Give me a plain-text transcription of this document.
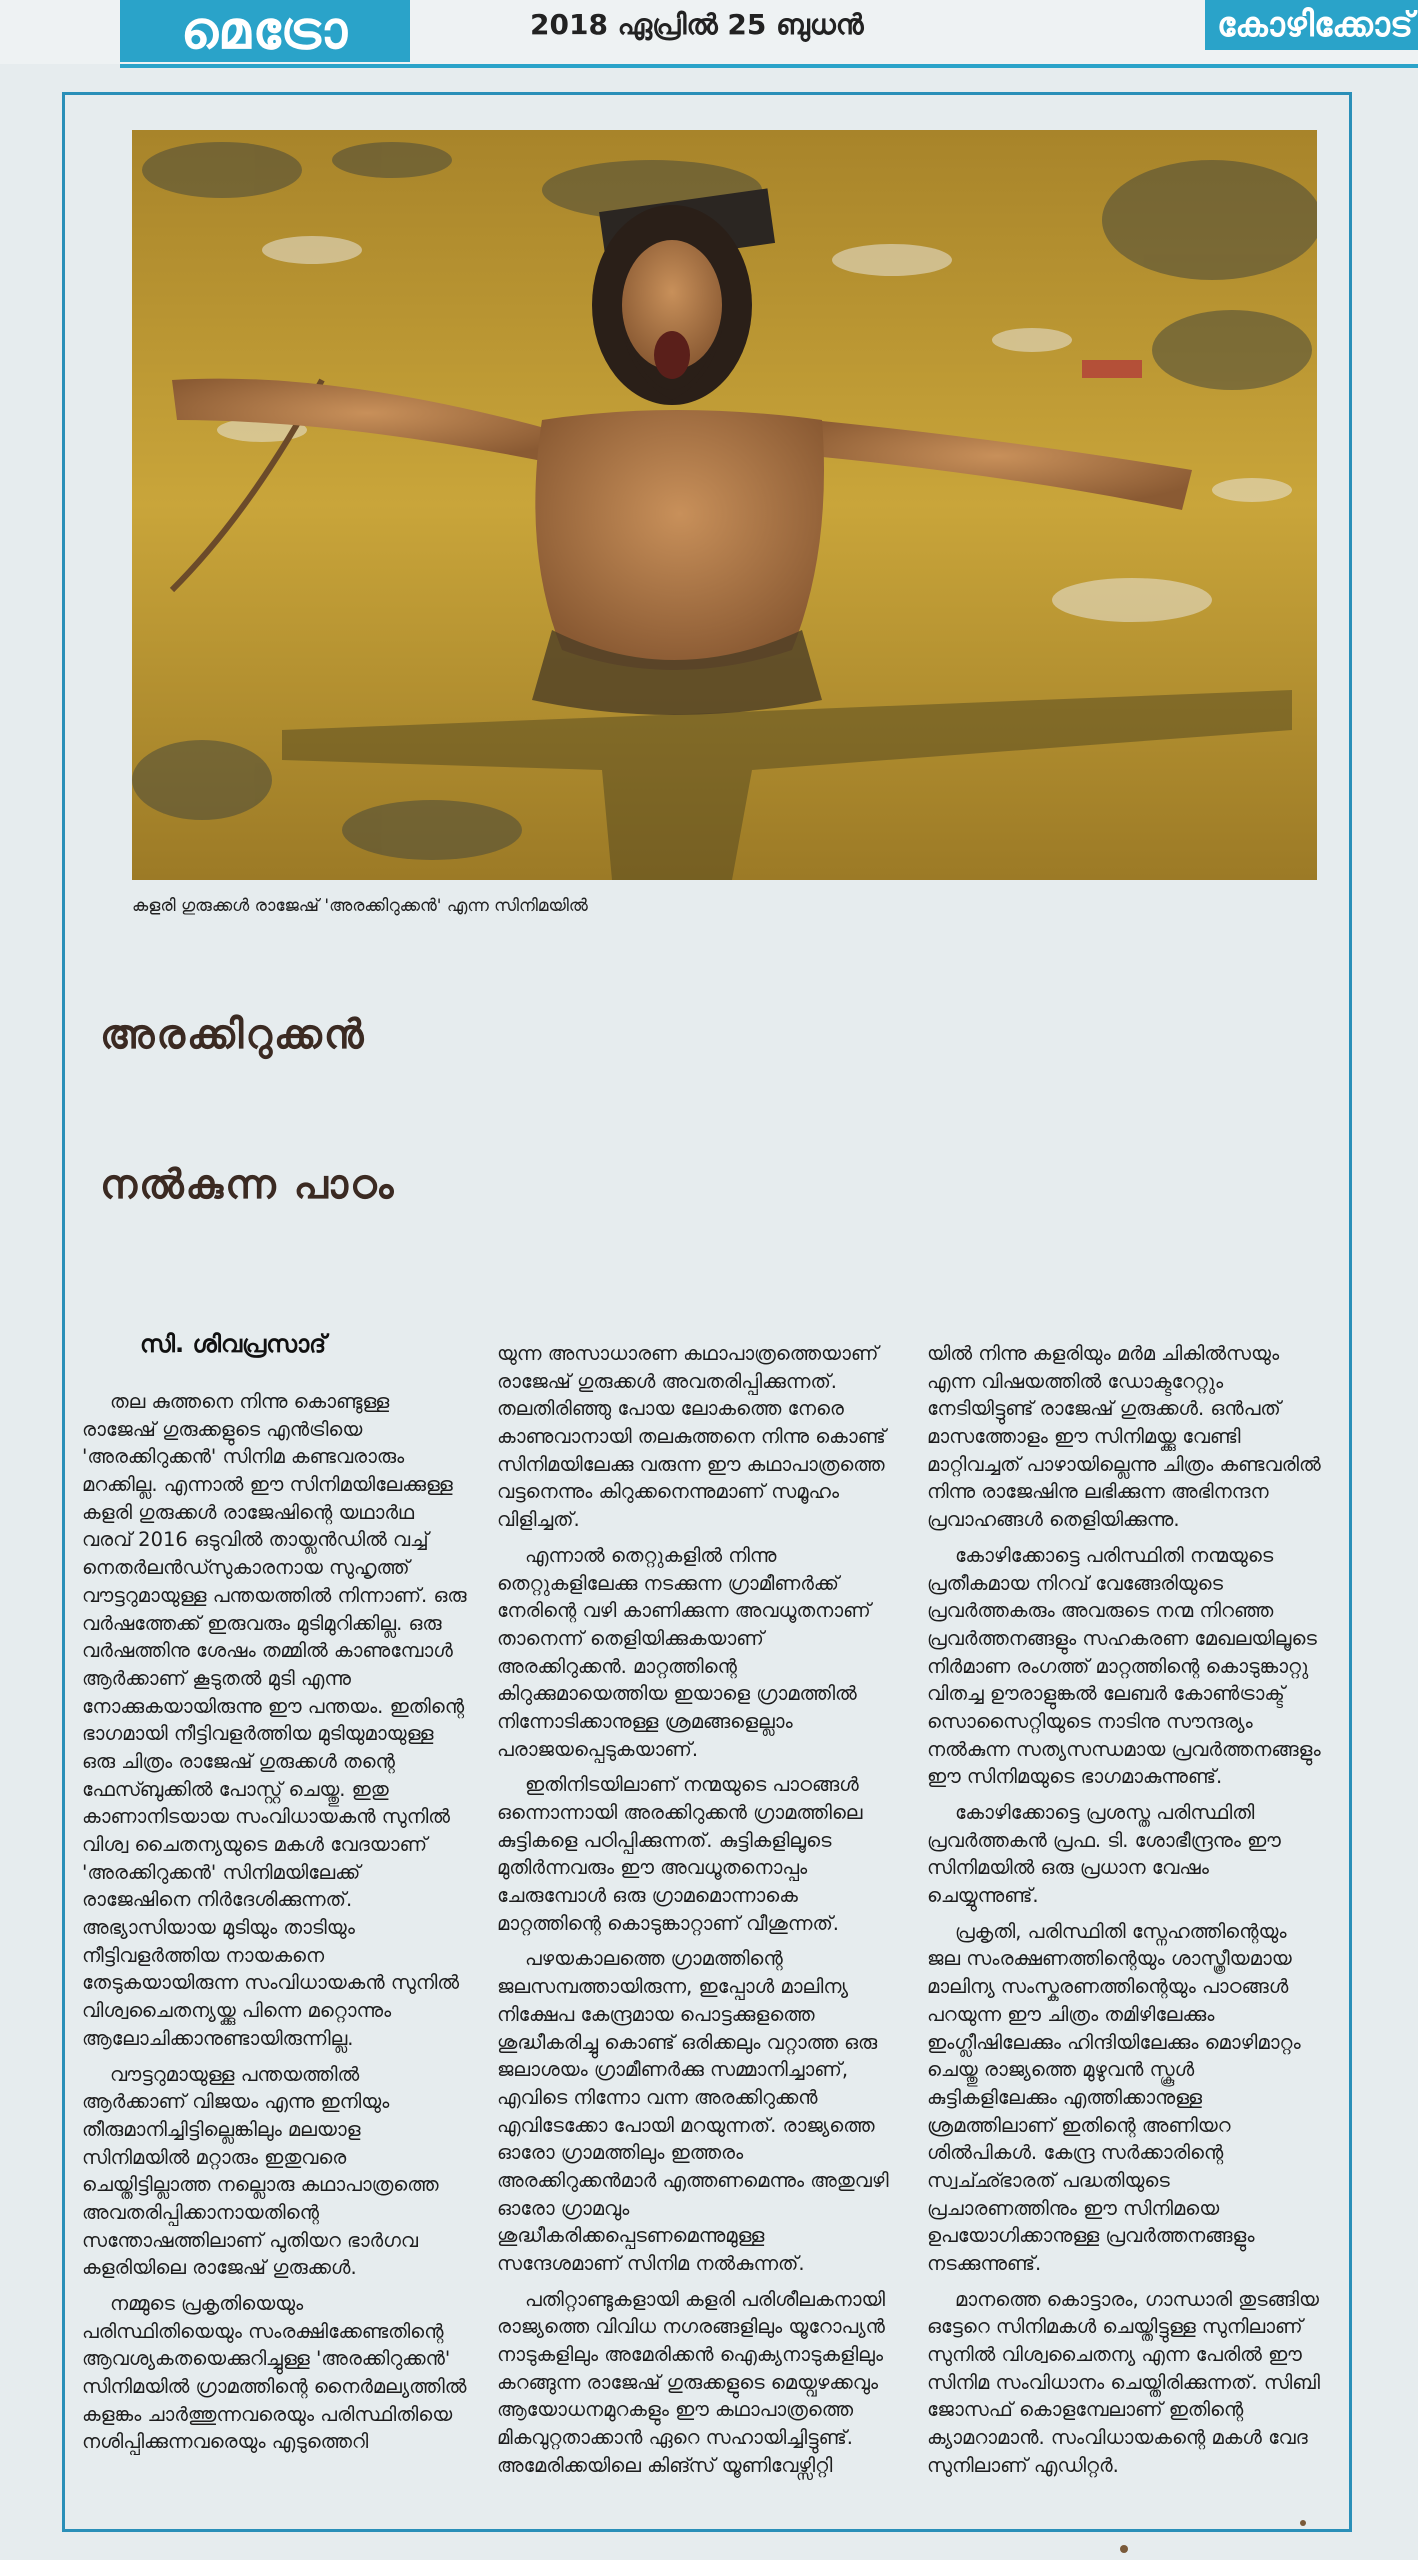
മെട്രോ	2018 ഏപ്രിൽ 25 ബുധൻ	കോഴിക്കോട്
കളരി ഗുരുക്കൾ രാജേഷ് 'അരക്കിറുക്കൻ' എന്ന സിനിമയിൽ
അരക്കിറുക്കൻ
നൽകുന്ന പാഠം
സി. ശിവപ്രസാദ്

തല കുത്തനെ നിന്നു കൊണ്ടുള്ള രാജേഷ് ഗുരുക്കളുടെ എൻട്രിയെ 'അരക്കിറുക്കൻ' സിനിമ കണ്ടവരാരും മറക്കില്ല. എന്നാൽ ഈ സിനിമയിലേക്കുള്ള കളരി ഗുരുക്കൾ രാജേഷിന്റെ യഥാർഥ വരവ് 2016 ഒടുവിൽ തായ്ലൻഡിൽ വച്ച് നെതർലൻഡ്സുകാരനായ സുഹൃത്ത് വൗട്ടറുമായുള്ള പന്തയത്തിൽ നിന്നാണ്. ഒരു വർഷത്തേക്ക് ഇരുവരും മുടിമുറിക്കില്ല. ഒരു വർഷത്തിനു ശേഷം തമ്മിൽ കാണുമ്പോൾ ആർക്കാണ് കൂടുതൽ മുടി എന്നു നോക്കുകയായിരുന്നു ഈ പന്തയം. ഇതിന്റെ ഭാഗമായി നീട്ടിവളർത്തിയ മുടിയുമായുള്ള ഒരു ചിത്രം രാജേഷ് ഗുരുക്കൾ തന്റെ ഫേസ്ബുക്കിൽ പോസ്റ്റ് ചെയ്തു. ഇതു കാണാനിടയായ സംവിധായകൻ സുനിൽ വിശ്വ ചൈതന്യയുടെ മകൾ വേദയാണ് 'അരക്കിറുക്കൻ' സിനിമയിലേക്ക് രാജേഷിനെ നിർദേശിക്കുന്നത്. അഭ്യാസിയായ മുടിയും താടിയും നീട്ടിവളർത്തിയ നായകനെ തേടുകയായിരുന്ന സംവിധായകൻ സുനിൽ വിശ്വചൈതന്യയ്ക്കു പിന്നെ മറ്റൊന്നും ആലോചിക്കാനുണ്ടായിരുന്നില്ല.

വൗട്ടറുമായുള്ള പന്തയത്തിൽ ആർക്കാണ് വിജയം എന്നു ഇനിയും തീരുമാനിച്ചിട്ടില്ലെങ്കിലും മലയാള സിനിമയിൽ മറ്റാരും ഇതുവരെ ചെയ്തിട്ടില്ലാത്ത നല്ലൊരു കഥാപാത്രത്തെ അവതരിപ്പിക്കാനായതിന്റെ സന്തോഷത്തിലാണ് പുതിയറ ഭാർഗവ കളരിയിലെ രാജേഷ് ഗുരുക്കൾ.

നമ്മുടെ പ്രകൃതിയെയും പരിസ്ഥിതിയെയും സംരക്ഷിക്കേണ്ടതിന്റെ ആവശ്യകതയെക്കുറിച്ചുള്ള 'അരക്കിറുക്കൻ' സിനിമയിൽ ഗ്രാമത്തിന്റെ നൈർമല്യത്തിൽ കളങ്കം ചാർത്തുന്നവരെയും പരിസ്ഥിതിയെ നശിപ്പിക്കുന്നവരെയും എടുത്തെറി

യുന്ന അസാധാരണ കഥാപാത്രത്തെയാണ് രാജേഷ് ഗുരുക്കൾ അവതരിപ്പിക്കുന്നത്. തലതിരിഞ്ഞു പോയ ലോകത്തെ നേരെ കാണുവാനായി തലകുത്തനെ നിന്നു കൊണ്ട് സിനിമയിലേക്കു വരുന്ന ഈ കഥാപാത്രത്തെ വട്ടനെന്നും കിറുക്കനെന്നുമാണ് സമൂഹം വിളിച്ചത്.

എന്നാൽ തെറ്റുകളിൽ നിന്നു തെറ്റുകളിലേക്കു നടക്കുന്ന ഗ്രാമീണർക്ക് നേരിന്റെ വഴി കാണിക്കുന്ന അവധൂതനാണ് താനെന്ന് തെളിയിക്കുകയാണ് അരക്കിറുക്കൻ. മാറ്റത്തിന്റെ കിറുക്കുമായെത്തിയ ഇയാളെ ഗ്രാമത്തിൽ നിന്നോടിക്കാനുള്ള ശ്രമങ്ങളെല്ലാം പരാജയപ്പെടുകയാണ്.

ഇതിനിടയിലാണ് നന്മയുടെ പാഠങ്ങൾ ഒന്നൊന്നായി അരക്കിറുക്കൻ ഗ്രാമത്തിലെ കുട്ടികളെ പഠിപ്പിക്കുന്നത്. കുട്ടികളിലൂടെ മുതിർന്നവരും ഈ അവധൂതനൊപ്പം ചേരുമ്പോൾ ഒരു ഗ്രാമമൊന്നാകെ മാറ്റത്തിന്റെ കൊടുങ്കാറ്റാണ് വീശുന്നത്.

പഴയകാലത്തെ ഗ്രാമത്തിന്റെ ജലസമ്പത്തായിരുന്ന, ഇപ്പോൾ മാലിന്യ നിക്ഷേപ കേന്ദ്രമായ പൊട്ടക്കുളത്തെ ശുദ്ധീകരിച്ചു കൊണ്ട് ഒരിക്കലും വറ്റാത്ത ഒരു ജലാശയം ഗ്രാമീണർക്കു സമ്മാനിച്ചാണ്, എവിടെ നിന്നോ വന്ന അരക്കിറുക്കൻ എവിടേക്കോ പോയി മറയുന്നത്. രാജ്യത്തെ ഓരോ ഗ്രാമത്തിലും ഇത്തരം അരക്കിറുക്കൻമാർ എത്തണമെന്നും അതുവഴി ഓരോ ഗ്രാമവും ശുദ്ധീകരിക്കപ്പെടണമെന്നുമുള്ള സന്ദേശമാണ് സിനിമ നൽകുന്നത്.

പതിറ്റാണ്ടുകളായി കളരി പരിശീലകനായി രാജ്യത്തെ വിവിധ നഗരങ്ങളിലും യൂറോപ്യൻ നാടുകളിലും അമേരിക്കൻ ഐക്യനാടുകളിലും കറങ്ങുന്ന രാജേഷ് ഗുരുക്കളുടെ മെയ്വഴക്കവും ആയോധനമുറകളും ഈ കഥാപാത്രത്തെ മികവുറ്റതാക്കാൻ ഏറെ സഹായിച്ചിട്ടുണ്ട്. അമേരിക്കയിലെ കിങ്സ് യൂണിവേഴ്സിറ്റി

യിൽ നിന്നു കളരിയും മർമ ചികിൽസയും എന്ന വിഷയത്തിൽ ഡോക്ടറേറ്റും നേടിയിട്ടുണ്ട് രാജേഷ് ഗുരുക്കൾ. ഒൻപത് മാസത്തോളം ഈ സിനിമയ്ക്കു വേണ്ടി മാറ്റിവച്ചത് പാഴായില്ലെന്നു ചിത്രം കണ്ടവരിൽ നിന്നു രാജേഷിനു ലഭിക്കുന്ന അഭിനന്ദന പ്രവാഹങ്ങൾ തെളിയിക്കുന്നു.

കോഴിക്കോട്ടെ പരിസ്ഥിതി നന്മയുടെ പ്രതീകമായ നിറവ് വേങ്ങേരിയുടെ പ്രവർത്തകരും അവരുടെ നന്മ നിറഞ്ഞ പ്രവർത്തനങ്ങളും സഹകരണ മേഖലയിലൂടെ നിർമാണ രംഗത്ത് മാറ്റത്തിന്റെ കൊടുങ്കാറ്റു വിതച്ച ഊരാളുങ്കൽ ലേബർ കോൺട്രാക്ട് സൊസൈറ്റിയുടെ നാടിനു സൗന്ദര്യം നൽകുന്ന സത്യസന്ധമായ പ്രവർത്തനങ്ങളും ഈ സിനിമയുടെ ഭാഗമാകുന്നുണ്ട്.

കോഴിക്കോട്ടെ പ്രശസ്ത പരിസ്ഥിതി പ്രവർത്തകൻ പ്രഫ. ടി. ശോഭീന്ദ്രനും ഈ സിനിമയിൽ ഒരു പ്രധാന വേഷം ചെയ്യുന്നുണ്ട്.

പ്രകൃതി, പരിസ്ഥിതി സ്നേഹത്തിന്റെയും ജല സംരക്ഷണത്തിന്റെയും ശാസ്ത്രീയമായ മാലിന്യ സംസ്കരണത്തിന്റെയും പാഠങ്ങൾ പറയുന്ന ഈ ചിത്രം തമിഴിലേക്കും ഇംഗ്ലീഷിലേക്കും ഹിന്ദിയിലേക്കും മൊഴിമാറ്റം ചെയ്തു രാജ്യത്തെ മുഴുവൻ സ്കൂൾ കുട്ടികളിലേക്കും എത്തിക്കാനുള്ള ശ്രമത്തിലാണ് ഇതിന്റെ അണിയറ ശിൽപികൾ. കേന്ദ്ര സർക്കാരിന്റെ സ്വച്ഛ്ഭാരത് പദ്ധതിയുടെ പ്രചാരണത്തിനും ഈ സിനിമയെ ഉപയോഗിക്കാനുള്ള പ്രവർത്തനങ്ങളും നടക്കുന്നുണ്ട്.

മാനത്തെ കൊട്ടാരം, ഗാന്ധാരി തുടങ്ങിയ ഒട്ടേറെ സിനിമകൾ ചെയ്തിട്ടുള്ള സുനിലാണ് സുനിൽ വിശ്വചൈതന്യ എന്ന പേരിൽ ഈ സിനിമ സംവിധാനം ചെയ്തിരിക്കുന്നത്. സിബി ജോസഫ് കൊളമ്പേലാണ് ഇതിന്റെ ക്യാമറാമാൻ. സംവിധായകന്റെ മകൾ വേദ സുനിലാണ് എഡിറ്റർ.
